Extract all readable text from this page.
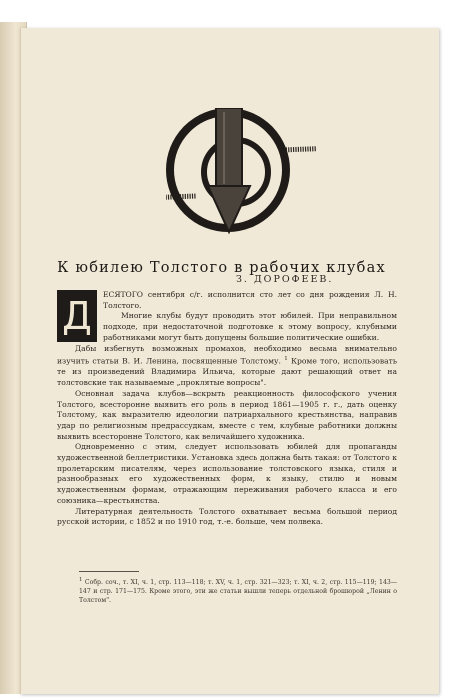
К юбилею Толстого в рабочих клубах
З. ДОРОФЕЕВ.
Д	ЕСЯТОГО сентября с/г. исполнится сто лет со дня рождения Л. Н. Толстого.

Многие клубы будут проводить этот юбилей. При неправильном подходе, при недостаточной подготовке к этому вопросу, клубными работниками могут быть допущены большие политические ошибки.

Дабы избегнуть возможных промахов, необходимо весьма внимательно изучить статьи В. И. Ленина, посвященные Толстому. $^1$ Кроме того, использовать те из произведений Владимира Ильича, которые дают решающий ответ на толстовские так называемые „проклятые вопросы".

Основная задача клубов—вскрыть реакционность философского учения Толстого, всесторонне выявить его роль в период 1861—1905 г. г., дать оценку Толстому, как выразителю идеологии патриархального крестьянства, направив удар по религиозным предрассудкам, вместе с тем, клубные работники должны выявить всесторонне Толстого, как величайшего художника.

Одновременно с этим, следует использовать юбилей для пропаганды художественной беллетристики. Установка здесь должна быть такая: от Толстого к пролетарским писателям, через использование толстовского языка, стиля и разнообразных его художественных форм, к языку, стилю и новым художественным формам, отражающим переживания рабочего класса и его союзника—крестьянства.

Литературная деятельность Толстого охватывает весьма большой период русской истории, с 1852 и по 1910 год, т.-е. больше, чем полвека.

1 Собр. соч., т. XI, ч. 1, стр. 113—118; т. XV, ч. 1, стр. 321—323; т. XI, ч. 2, стр. 115—119; 143—147 и стр. 171—175. Кроме этого, эти же статьи вышли теперь отдельной брошюрой „Ленин о Толстом".
